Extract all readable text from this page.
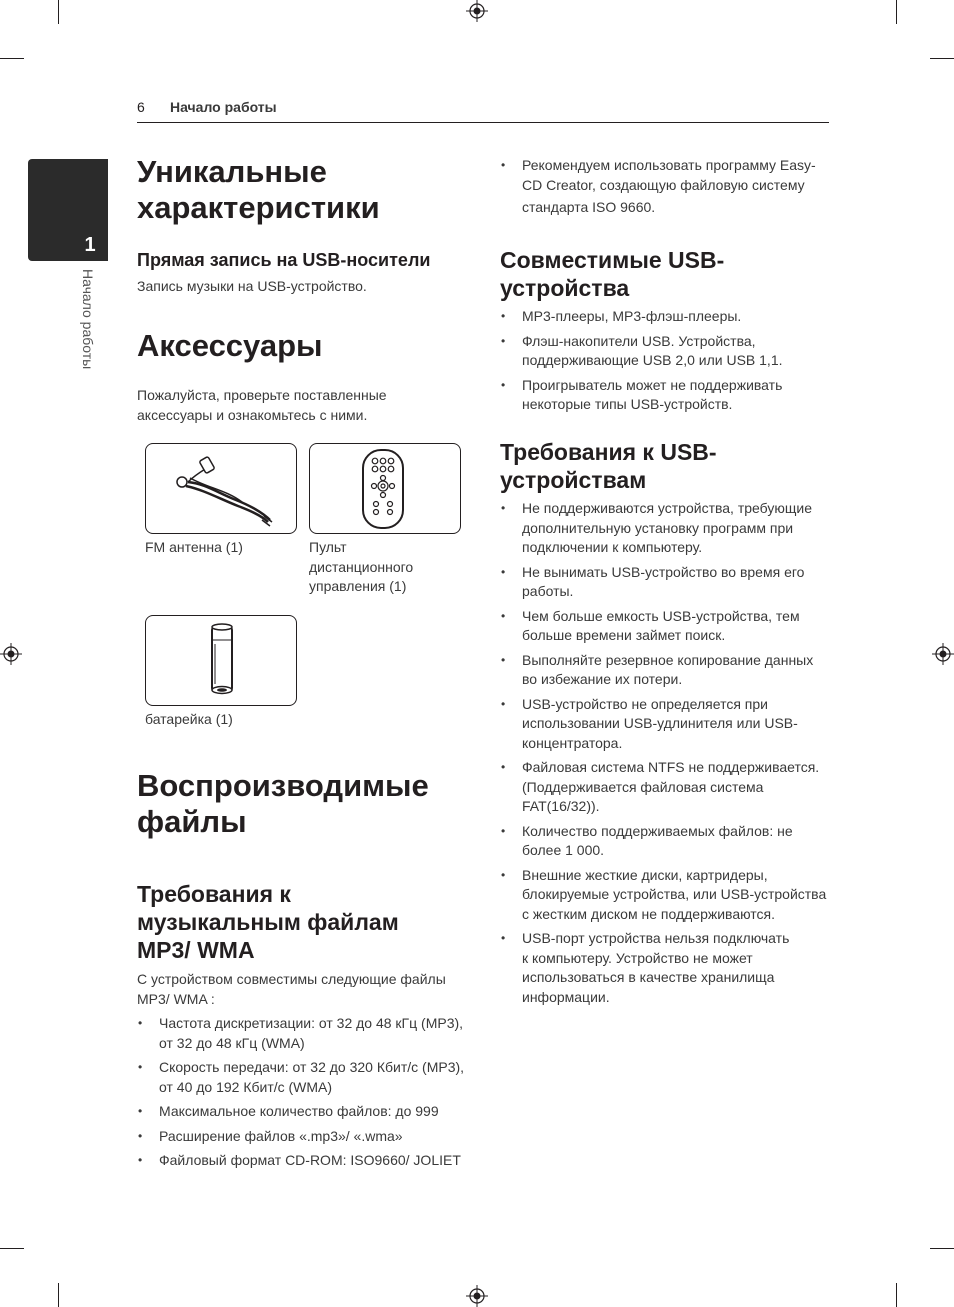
6 Начало работы
1
Начало работы

Уникальные

характеристики

Прямая запись на USB-носители

Запись музыки на USB-устройство.

Аксессуары

Пожалуйста, проверьте поставленные

аксессуары и ознакомьтесь с ними.

FM антенна (1)	Пульт
дистанционного
управления (1)
батарейка (1)

Воспроизводимые

файлы

Требования к

музыкальным файлам

MP3/ WMA

С устройством совместимы следующие файлы

MP3/ WMA :

• Частота дискретизации: от 32 до 48 кГц (MP3),
от 32 до 48 кГц (WMA)
• Скорость передачи: от 32 до 320 Кбит/с (MP3),
от 40 до 192 Кбит/с (WMA)
• Максимальное количество файлов: до 999
• Расширение файлов «.mp3»/ «.wma»
• Файловый формат CD-ROM: ISO9660/ JOLIET
• Рекомендуем использовать программу Easy-
CD Creator, создающую файловую систему
стандарта ISO 9660.

Совместимые USB-

устройства

• MP3-плееры, MP3-флэш-плееры.
• Флэш-накопители USB. Устройства,
поддерживающие USB 2,0 или USB 1,1.
• Проигрыватель может не поддерживать
некоторые типы USB-устройств.

Требования к USB-

устройствам

• Не поддерживаются устройства, требующие
дополнительную установку программ при
подключении к компьютеру.
• Не вынимать USB-устройство во время его
работы.
• Чем больше емкость USB-устройства, тем
больше времени займет поиск.
• Выполняйте резервное копирование данных
во избежание их потери.
• USB-устройство не определяется при
использовании USB-удлинителя или USB-
концентратора.
• Файловая система NTFS не поддерживается.
(Поддерживается файловая система
FAT(16/32)).
• Количество поддерживаемых файлов: не
более 1 000.
• Внешние жесткие диски, картридеры,
блокируемые устройства, или USB-устройства
с жестким диском не поддерживаются.
• USB-порт устройства нельзя подключать
к компьютеру. Устройство не может
использоваться в качестве хранилища
информации.
